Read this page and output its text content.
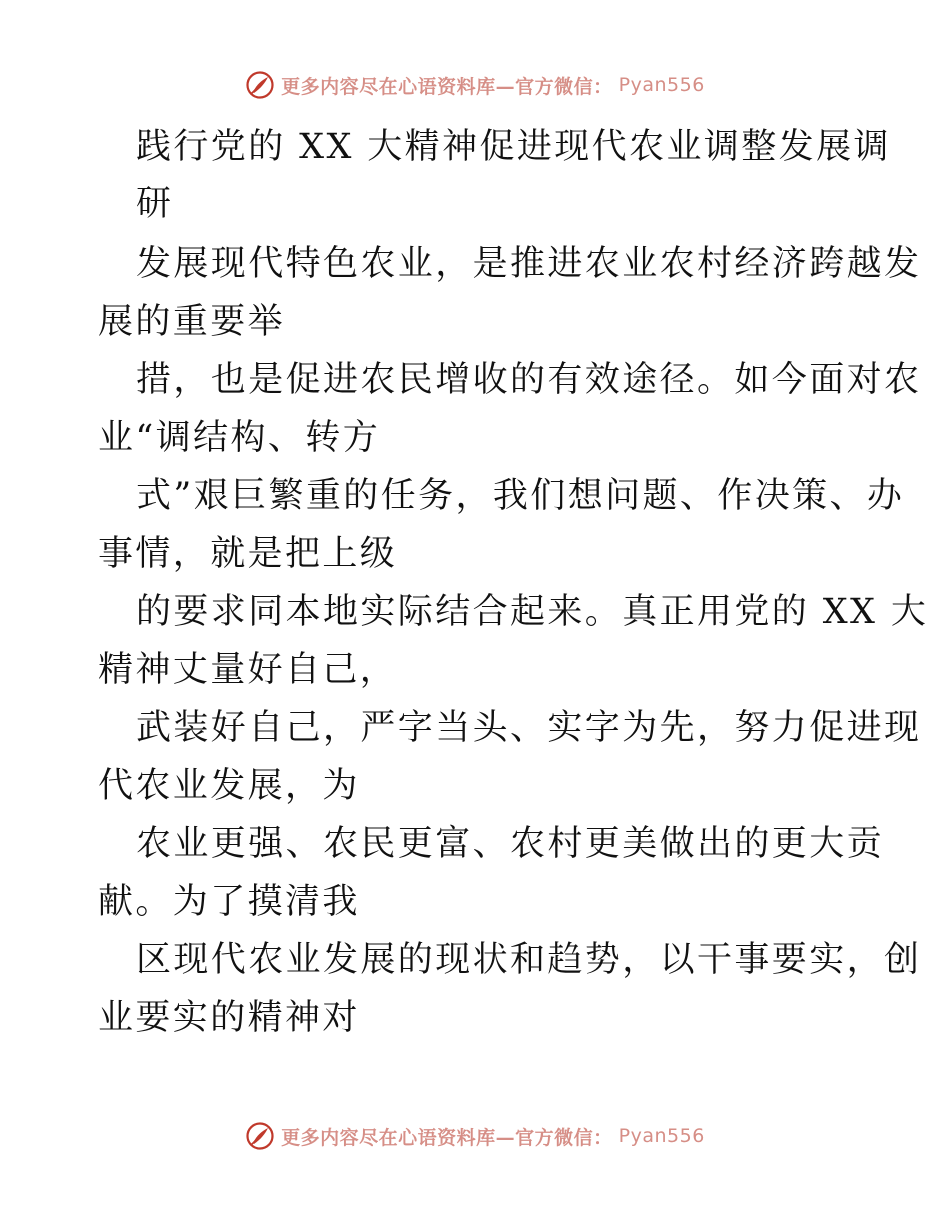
更多内容尽在心语资料库—官方微信： Pyan556
践行党的 XX 大精神促进现代农业调整发展调
研
发展现代特色农业，是推进农业农村经济跨越发
展的重要举
措，也是促进农民增收的有效途径。如今面对农
业“调结构、转方
式”艰巨繁重的任务，我们想问题、作决策、办
事情，就是把上级
的要求同本地实际结合起来。真正用党的 XX 大
精神丈量好自己，
武装好自己，严字当头、实字为先，努力促进现
代农业发展，为
农业更强、农民更富、农村更美做出的更大贡
献。为了摸清我
区现代农业发展的现状和趋势，以干事要实，创
业要实的精神对
更多内容尽在心语资料库—官方微信： Pyan556
